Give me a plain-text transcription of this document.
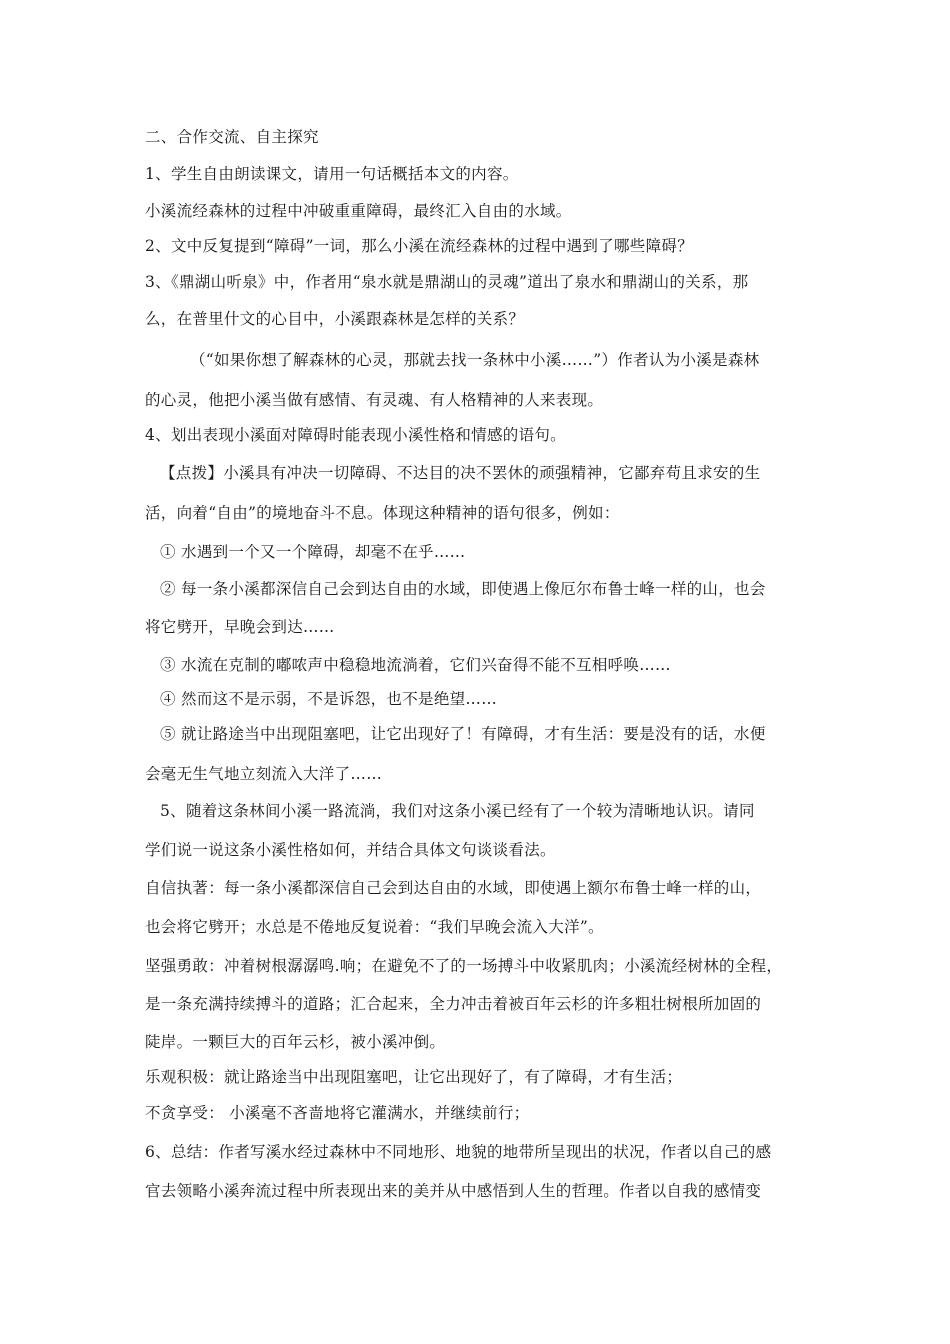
二、合作交流、自主探究
1、学生自由朗读课文，请用一句话概括本文的内容。
小溪流经森林的过程中冲破重重障碍，最终汇入自由的水域。
2、文中反复提到“障碍”一词，那么小溪在流经森林的过程中遇到了哪些障碍？
3、《鼎湖山听泉》中，作者用“泉水就是鼎湖山的灵魂”道出了泉水和鼎湖山的关系，那
么，在普里什文的心目中，小溪跟森林是怎样的关系？
（“如果你想了解森林的心灵，那就去找一条林中小溪……”）作者认为小溪是森林
的心灵，他把小溪当做有感情、有灵魂、有人格精神的人来表现。
4、划出表现小溪面对障碍时能表现小溪性格和情感的语句。
【点拨】小溪具有冲决一切障碍、不达目的决不罢休的顽强精神，它鄙弃苟且求安的生
活，向着“自由”的境地奋斗不息。体现这种精神的语句很多，例如：
① 水遇到一个又一个障碍，却毫不在乎……
② 每一条小溪都深信自己会到达自由的水域，即使遇上像厄尔布鲁士峰一样的山，也会
将它劈开，早晚会到达……
③ 水流在克制的嘟哝声中稳稳地流淌着，它们兴奋得不能不互相呼唤……
④ 然而这不是示弱，不是诉怨，也不是绝望……
⑤ 就让路途当中出现阻塞吧，让它出现好了！有障碍，才有生活：要是没有的话，水便
会毫无生气地立刻流入大洋了……
5、随着这条林间小溪一路流淌，我们对这条小溪已经有了一个较为清晰地认识。请同
学们说一说这条小溪性格如何，并结合具体文句谈谈看法。
自信执著：每一条小溪都深信自己会到达自由的水域，即使遇上额尔布鲁士峰一样的山，
也会将它劈开；水总是不倦地反复说着：“我们早晚会流入大洋”。
坚强勇敢：冲着树根潺潺鸣.响；在避免不了的一场搏斗中收紧肌肉；小溪流经树林的全程，
是一条充满持续搏斗的道路；汇合起来，全力冲击着被百年云杉的许多粗壮树根所加固的
陡岸。一颗巨大的百年云杉，被小溪冲倒。
乐观积极：就让路途当中出现阻塞吧，让它出现好了，有了障碍，才有生活；
不贪享受： 小溪毫不吝啬地将它灌满水，并继续前行；
6、总结：作者写溪水经过森林中不同地形、地貌的地带所呈现出的状况，作者以自己的感
官去领略小溪奔流过程中所表现出来的美并从中感悟到人生的哲理。作者以自我的感情变
